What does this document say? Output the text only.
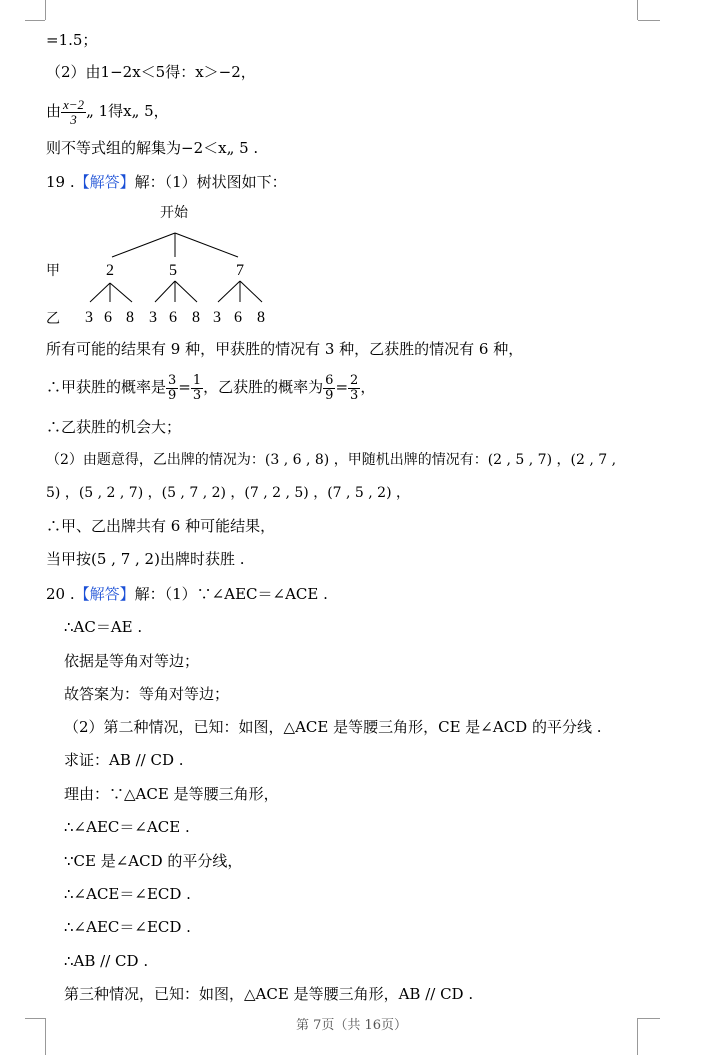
=1.5；
（2）由1−2x＜5得：x＞−2，
由 $\frac{x-2}{3}$ „ 1得x„ 5，
则不等式组的解集为−2＜x„ 5 .
19 .【解答】解：（1）树状图如下：
开始
甲	2	5	7
乙 3 6 8 3 6 8 3 6 8
所有可能的结果有 9 种，甲获胜的情况有 3 种，乙获胜的情况有 6 种，
∴甲获胜的概率是 $\frac{3}{9} = \frac{1}{3}$ ，乙获胜的概率为 $\frac{6}{9} = \frac{2}{3}$ ，
∴乙获胜的机会大；
（2）由题意得，乙出牌的情况为：(3 , 6 , 8) ，甲随机出牌的情况有：(2 , 5 , 7) ，(2 , 7 ,
5) ，(5 , 2 , 7) ，(5 , 7 , 2) ，(7 , 2 , 5) ，(7 , 5 , 2) ，
∴甲、乙出牌共有 6 种可能结果，
当甲按(5 , 7 , 2)出牌时获胜 .
20 .【解答】解：（1）∵∠AEC＝∠ACE .
∴AC＝AE .
依据是等角对等边；
故答案为：等角对等边；
（2）第二种情况，已知：如图，△ACE 是等腰三角形，CE 是∠ACD 的平分线 .
求证：AB // CD .
理由：∵△ACE 是等腰三角形，
∴∠AEC＝∠ACE .
∵CE 是∠ACD 的平分线，
∴∠ACE＝∠ECD .
∴∠AEC＝∠ECD .
∴AB // CD .
第三种情况，已知：如图，△ACE 是等腰三角形，AB // CD .
第 7页（共 16页）
